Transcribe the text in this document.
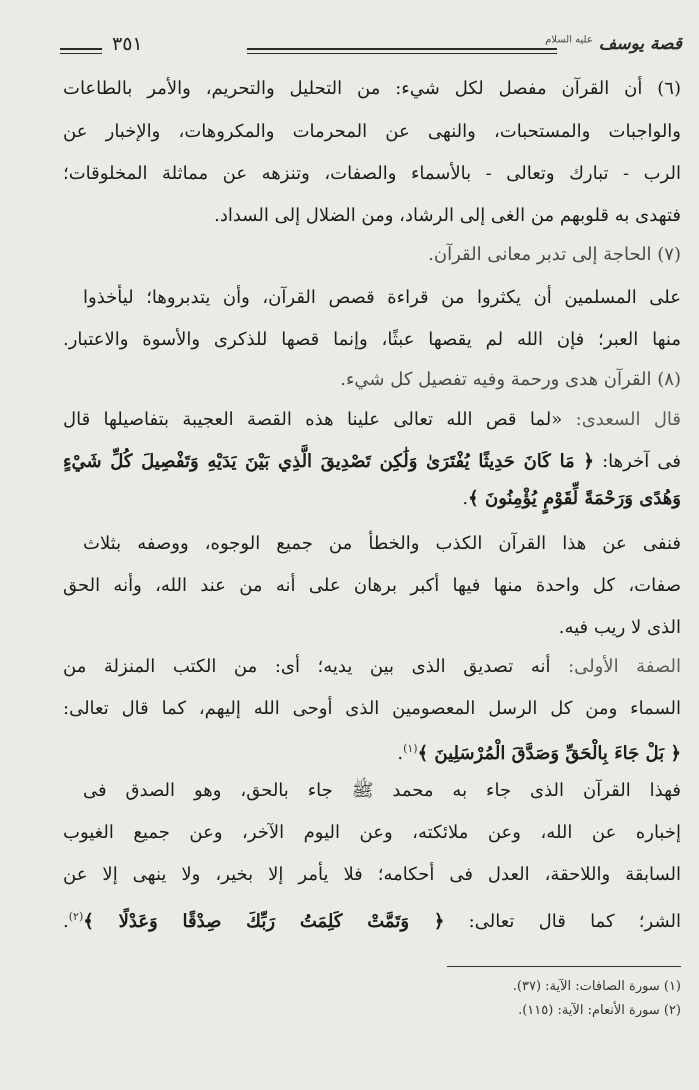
قصة يوسف $^{عليه السلام}$
٣٥١
(٦) أن القرآن مفصل لكل شيء: من التحليل والتحريم، والأمر بالطاعات
والواجبات والمستحبات، والنهى عن المحرمات والمكروهات، والإخبار عن
الرب - تبارك وتعالى - بالأسماء والصفات، وتنزهه عن مماثلة المخلوقات؛
فتهدى به قلوبهم من الغى إلى الرشاد، ومن الضلال إلى السداد.
(٧) الحاجة إلى تدبر معانى القرآن.
على المسلمين أن يكثروا من قراءة قصص القرآن، وأن يتدبروها؛ ليأخذوا
منها العبر؛ فإن الله لم يقصها عبثًا، وإنما قصها للذكرى والأسوة والاعتبار.
(٨) القرآن هدى ورحمة وفيه تفصيل كل شيء.
قال السعدى: «لما قص الله تعالى علينا هذه القصة العجيبة بتفاصيلها قال
فى آخرها: ﴿ مَا كَانَ حَدِيثًا يُفْتَرَىٰ وَلَٰكِن تَصْدِيقَ الَّذِي بَيْنَ يَدَيْهِ وَتَفْصِيلَ كُلِّ شَيْءٍ
وَهُدًى وَرَحْمَةً لِّقَوْمٍ يُؤْمِنُونَ ﴾.
فنفى عن هذا القرآن الكذب والخطأ من جميع الوجوه، ووصفه بثلاث
صفات، كل واحدة منها فيها أكبر برهان على أنه من عند الله، وأنه الحق
الذى لا ريب فيه.
الصفة الأولى: أنه تصديق الذى بين يديه؛ أى: من الكتب المنزلة من
السماء ومن كل الرسل المعصومين الذى أوحى الله إليهم، كما قال تعالى:
﴿ بَلْ جَاءَ بِالْحَقِّ وَصَدَّقَ الْمُرْسَلِينَ ﴾$^{(١)}$.
فهذا القرآن الذى جاء به محمد ﷺ جاء بالحق، وهو الصدق فى
إخباره عن الله، وعن ملائكته، وعن اليوم الآخر، وعن جميع الغيوب
السابقة واللاحقة، العدل فى أحكامه؛ فلا يأمر إلا بخير، ولا ينهى إلا عن
الشر؛ كما قال تعالى: ﴿ وَتَمَّتْ كَلِمَتُ رَبِّكَ صِدْقًا وَعَدْلًا ﴾$^{(٢)}$.
(١) سورة الصافات: الآية: (٣٧).
(٢) سورة الأنعام: الآية: (١١٥).
